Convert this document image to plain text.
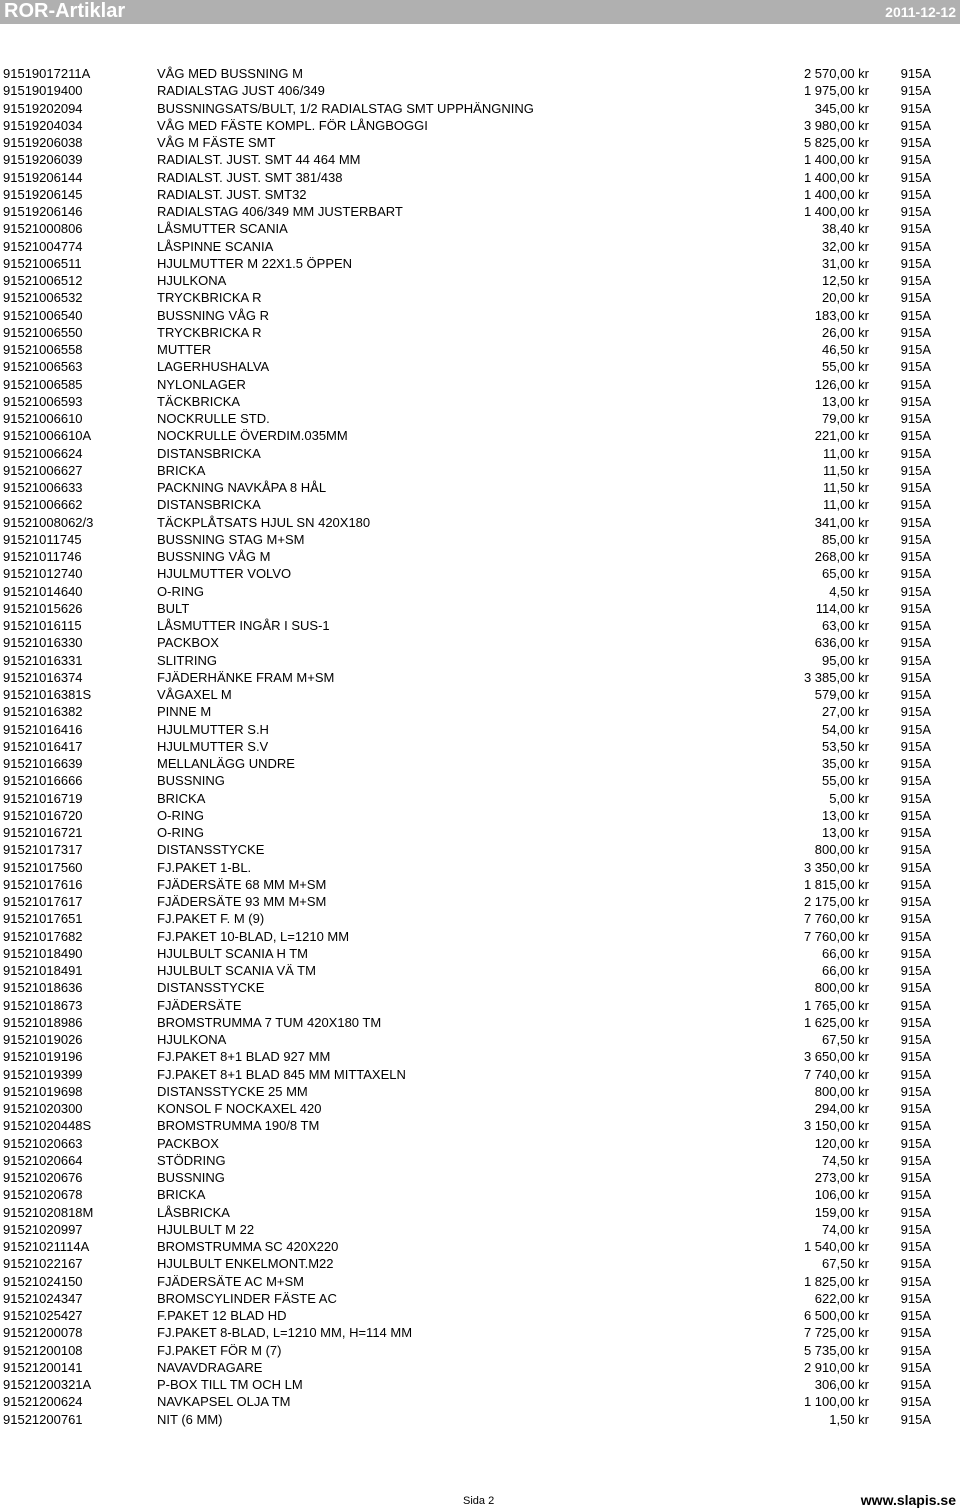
ROR-Artiklar	2011-12-12
91519017211A	VÅG MED BUSSNING M	2 570,00 kr 915A
91519019400	RADIALSTAG JUST 406/349	1 975,00 kr 915A
91519202094	BUSSNINGSATS/BULT, 1/2 RADIALSTAG SMT UPPHÄNGNING	345,00 kr 915A
91519204034	VÅG MED FÄSTE KOMPL. FÖR LÅNGBOGGI	3 980,00 kr 915A
91519206038	VÅG M FÄSTE SMT	5 825,00 kr 915A
91519206039	RADIALST. JUST. SMT 44 464 MM	1 400,00 kr 915A
91519206144	RADIALST. JUST. SMT 381/438	1 400,00 kr 915A
91519206145	RADIALST. JUST. SMT32	1 400,00 kr 915A
91519206146	RADIALSTAG 406/349 MM JUSTERBART	1 400,00 kr 915A
91521000806	LÅSMUTTER SCANIA	38,40 kr 915A
91521004774	LÅSPINNE SCANIA	32,00 kr 915A
91521006511	HJULMUTTER M 22X1.5 ÖPPEN	31,00 kr 915A
91521006512	HJULKONA	12,50 kr 915A
91521006532	TRYCKBRICKA R	20,00 kr 915A
91521006540	BUSSNING VÅG R	183,00 kr 915A
91521006550	TRYCKBRICKA R	26,00 kr 915A
91521006558	MUTTER	46,50 kr 915A
91521006563	LAGERHUSHALVA	55,00 kr 915A
91521006585	NYLONLAGER	126,00 kr 915A
91521006593	TÄCKBRICKA	13,00 kr 915A
91521006610	NOCKRULLE STD.	79,00 kr 915A
91521006610A	NOCKRULLE ÖVERDIM.035MM	221,00 kr 915A
91521006624	DISTANSBRICKA	11,00 kr 915A
91521006627	BRICKA	11,50 kr 915A
91521006633	PACKNING NAVKÅPA 8 HÅL	11,50 kr 915A
91521006662	DISTANSBRICKA	11,00 kr 915A
91521008062/3	TÄCKPLÅTSATS HJUL SN 420X180	341,00 kr 915A
91521011745	BUSSNING STAG M+SM	85,00 kr 915A
91521011746	BUSSNING VÅG M	268,00 kr 915A
91521012740	HJULMUTTER VOLVO	65,00 kr 915A
91521014640	O-RING	4,50 kr 915A
91521015626	BULT	114,00 kr 915A
91521016115	LÅSMUTTER INGÅR I SUS-1	63,00 kr 915A
91521016330	PACKBOX	636,00 kr 915A
91521016331	SLITRING	95,00 kr 915A
91521016374	FJÄDERHÄNKE FRAM M+SM	3 385,00 kr 915A
91521016381S	VÅGAXEL M	579,00 kr 915A
91521016382	PINNE M	27,00 kr 915A
91521016416	HJULMUTTER S.H	54,00 kr 915A
91521016417	HJULMUTTER S.V	53,50 kr 915A
91521016639	MELLANLÄGG UNDRE	35,00 kr 915A
91521016666	BUSSNING	55,00 kr 915A
91521016719	BRICKA	5,00 kr 915A
91521016720	O-RING	13,00 kr 915A
91521016721	O-RING	13,00 kr 915A
91521017317	DISTANSSTYCKE	800,00 kr 915A
91521017560	FJ.PAKET 1-BL.	3 350,00 kr 915A
91521017616	FJÄDERSÄTE 68 MM M+SM	1 815,00 kr 915A
91521017617	FJÄDERSÄTE 93 MM M+SM	2 175,00 kr 915A
91521017651	FJ.PAKET F. M (9)	7 760,00 kr 915A
91521017682	FJ.PAKET 10-BLAD, L=1210 MM	7 760,00 kr 915A
91521018490	HJULBULT SCANIA H TM	66,00 kr 915A
91521018491	HJULBULT SCANIA VÄ TM	66,00 kr 915A
91521018636	DISTANSSTYCKE	800,00 kr 915A
91521018673	FJÄDERSÄTE	1 765,00 kr 915A
91521018986	BROMSTRUMMA 7 TUM 420X180 TM	1 625,00 kr 915A
91521019026	HJULKONA	67,50 kr 915A
91521019196	FJ.PAKET 8+1 BLAD 927 MM	3 650,00 kr 915A
91521019399	FJ.PAKET 8+1 BLAD 845 MM MITTAXELN	7 740,00 kr 915A
91521019698	DISTANSSTYCKE 25 MM	800,00 kr 915A
91521020300	KONSOL F NOCKAXEL 420	294,00 kr 915A
91521020448S	BROMSTRUMMA 190/8 TM	3 150,00 kr 915A
91521020663	PACKBOX	120,00 kr 915A
91521020664	STÖDRING	74,50 kr 915A
91521020676	BUSSNING	273,00 kr 915A
91521020678	BRICKA	106,00 kr 915A
91521020818M	LÅSBRICKA	159,00 kr 915A
91521020997	HJULBULT M 22	74,00 kr 915A
91521021114A	BROMSTRUMMA SC 420X220	1 540,00 kr 915A
91521022167	HJULBULT ENKELMONT.M22	67,50 kr 915A
91521024150	FJÄDERSÄTE AC M+SM	1 825,00 kr 915A
91521024347	BROMSCYLINDER FÄSTE AC	622,00 kr 915A
91521025427	F.PAKET 12 BLAD HD	6 500,00 kr 915A
91521200078	FJ.PAKET 8-BLAD, L=1210 MM, H=114 MM	7 725,00 kr 915A
91521200108	FJ.PAKET FÖR M (7)	5 735,00 kr 915A
91521200141	NAVAVDRAGARE	2 910,00 kr 915A
91521200321A	P-BOX TILL TM OCH LM	306,00 kr 915A
91521200624	NAVKAPSEL OLJA TM	1 100,00 kr 915A
91521200761	NIT (6 MM)	1,50 kr 915A
Sida 2	www.slapis.se
